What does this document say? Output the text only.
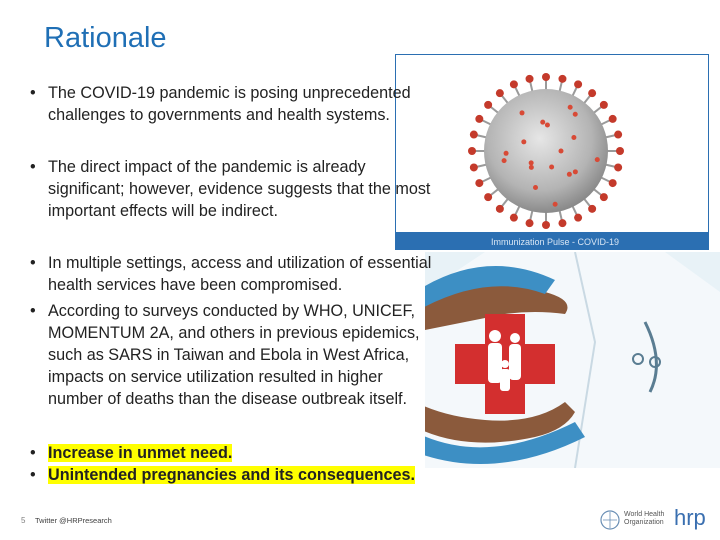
Rationale
Immunization Pulse - COVID-19
• The COVID-19 pandemic is posing unprecedented challenges to governments and health systems.
• The direct impact of the pandemic is already significant; however, evidence suggests that the most important effects will be indirect.
• In multiple settings, access and utilization of essential health services have been compromised.
• According to surveys conducted by WHO, UNICEF, MOMENTUM 2A, and others in previous epidemics, such as SARS in Taiwan and Ebola in West Africa, impacts on service utilization resulted in higher number of deaths than the disease outbreak itself.
• Increase in unmet need.
• Unintended pregnancies and its consequences.
5 Twitter @HRPresearch
World Health
Organization hrp
